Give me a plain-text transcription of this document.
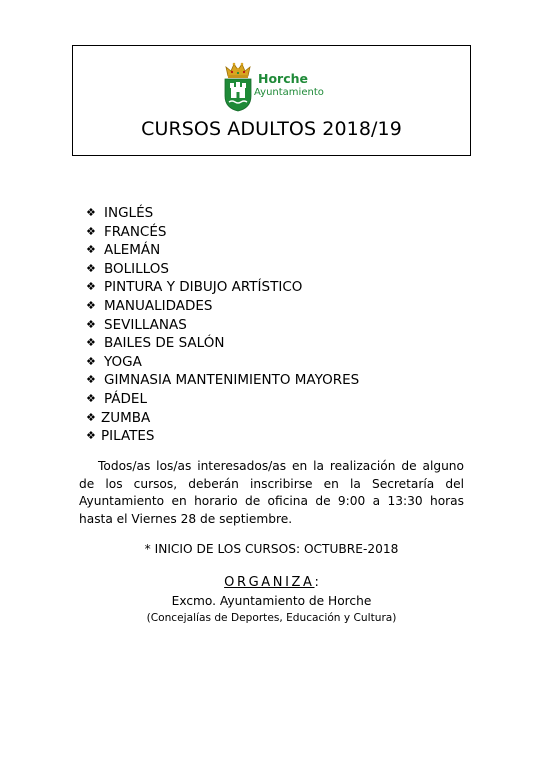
Horche
Ayuntamiento
CURSOS ADULTOS 2018/19
❖ INGLÉS
❖ FRANCÉS
❖ ALEMÁN
❖ BOLILLOS
❖ PINTURA Y DIBUJO ARTÍSTICO
❖ MANUALIDADES
❖ SEVILLANAS
❖ BAILES DE SALÓN
❖ YOGA
❖ GIMNASIA MANTENIMIENTO MAYORES
❖ PÁDEL
❖ ZUMBA
❖ PILATES

Todos/as los/as interesados/as en la realización de alguno de los cursos, deberán inscribirse en la Secretaría del Ayuntamiento en horario de oficina de 9:00 a 13:30 horas hasta el Viernes 28 de septiembre.

* INICIO DE LOS CURSOS: OCTUBRE-2018
ORGANIZA:
Excmo. Ayuntamiento de Horche
(Concejalías de Deportes, Educación y Cultura)
